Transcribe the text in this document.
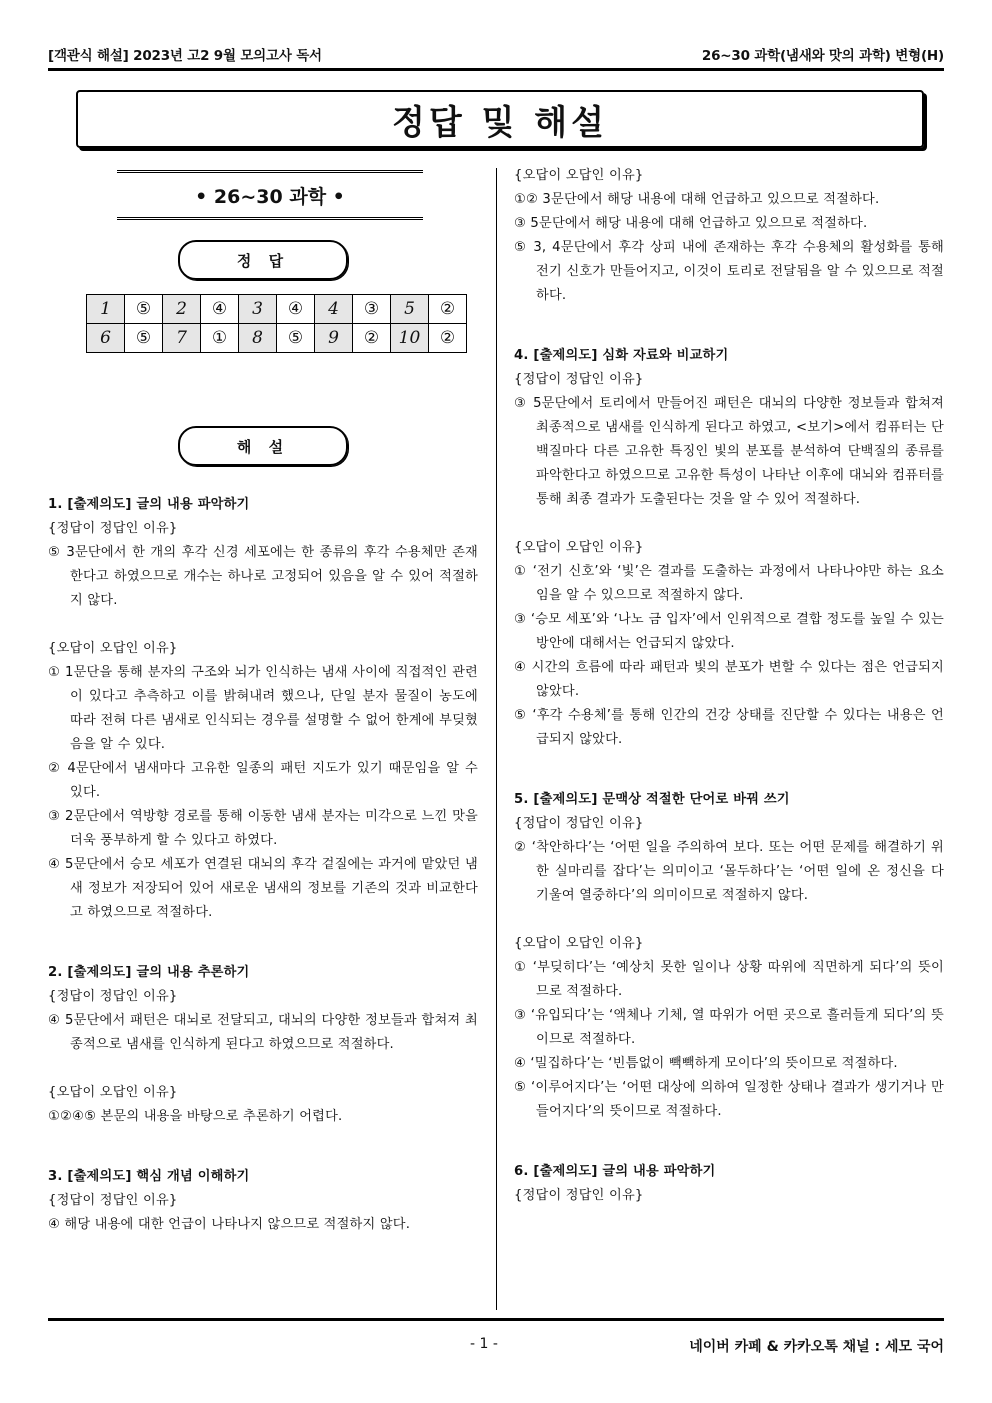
[객관식 해설] 2023년 고2 9월 모의고사 독서	26~30 과학(냄새와 맛의 과학) 변형(H)
정답 및 해설
• 26~30 과학 •
정 답
1	⑤	2	④	3	④	4	③	5	②
6	⑤	7	①	8	⑤	9	②	10	②
해 설
1. [출제의도] 글의 내용 파악하기
{정답이 정답인 이유}
⑤ 3문단에서 한 개의 후각 신경 세포에는 한 종류의 후각 수용체만 존재한다고 하였으므로 개수는 하나로 고정되어 있음을 알 수 있어 적절하지 않다.
{오답이 오답인 이유}
① 1문단을 통해 분자의 구조와 뇌가 인식하는 냄새 사이에 직접적인 관련이 있다고 추측하고 이를 밝혀내려 했으나, 단일 분자 물질이 농도에 따라 전혀 다른 냄새로 인식되는 경우를 설명할 수 없어 한계에 부딪혔음을 알 수 있다.
② 4문단에서 냄새마다 고유한 일종의 패턴 지도가 있기 때문임을 알 수 있다.
③ 2문단에서 역방향 경로를 통해 이동한 냄새 분자는 미각으로 느낀 맛을 더욱 풍부하게 할 수 있다고 하였다.
④ 5문단에서 승모 세포가 연결된 대뇌의 후각 겉질에는 과거에 맡았던 냄새 정보가 저장되어 있어 새로운 냄새의 정보를 기존의 것과 비교한다고 하였으므로 적절하다.
2. [출제의도] 글의 내용 추론하기
{정답이 정답인 이유}
④ 5문단에서 패턴은 대뇌로 전달되고, 대뇌의 다양한 정보들과 합쳐져 최종적으로 냄새를 인식하게 된다고 하였으므로 적절하다.
{오답이 오답인 이유}
①②④⑤ 본문의 내용을 바탕으로 추론하기 어렵다.
3. [출제의도] 핵심 개념 이해하기
{정답이 정답인 이유}
④ 해당 내용에 대한 언급이 나타나지 않으므로 적절하지 않다.
{오답이 오답인 이유}
①② 3문단에서 해당 내용에 대해 언급하고 있으므로 적절하다.
③ 5문단에서 해당 내용에 대해 언급하고 있으므로 적절하다.
⑤ 3, 4문단에서 후각 상피 내에 존재하는 후각 수용체의 활성화를 통해 전기 신호가 만들어지고, 이것이 토리로 전달됨을 알 수 있으므로 적절하다.
4. [출제의도] 심화 자료와 비교하기
{정답이 정답인 이유}
③ 5문단에서 토리에서 만들어진 패턴은 대뇌의 다양한 정보들과 합쳐져 최종적으로 냄새를 인식하게 된다고 하였고, <보기>에서 컴퓨터는 단백질마다 다른 고유한 특징인 빛의 분포를 분석하여 단백질의 종류를 파악한다고 하였으므로 고유한 특성이 나타난 이후에 대뇌와 컴퓨터를 통해 최종 결과가 도출된다는 것을 알 수 있어 적절하다.
{오답이 오답인 이유}
① ‘전기 신호’와 ‘빛’은 결과를 도출하는 과정에서 나타나야만 하는 요소임을 알 수 있으므로 적절하지 않다.
③ ‘승모 세포’와 ‘나노 금 입자’에서 인위적으로 결합 정도를 높일 수 있는 방안에 대해서는 언급되지 않았다.
④ 시간의 흐름에 따라 패턴과 빛의 분포가 변할 수 있다는 점은 언급되지 않았다.
⑤ ‘후각 수용체’를 통해 인간의 건강 상태를 진단할 수 있다는 내용은 언급되지 않았다.
5. [출제의도] 문맥상 적절한 단어로 바꿔 쓰기
{정답이 정답인 이유}
② ‘착안하다’는 ‘어떤 일을 주의하여 보다. 또는 어떤 문제를 해결하기 위한 실마리를 잡다’는 의미이고 ‘몰두하다’는 ‘어떤 일에 온 정신을 다 기울여 열중하다’의 의미이므로 적절하지 않다.
{오답이 오답인 이유}
① ‘부딪히다’는 ‘예상치 못한 일이나 상황 따위에 직면하게 되다’의 뜻이므로 적절하다.
③ ‘유입되다’는 ‘액체나 기체, 열 따위가 어떤 곳으로 흘러들게 되다’의 뜻이므로 적절하다.
④ ‘밀집하다’는 ‘빈틈없이 빽빽하게 모이다’의 뜻이므로 적절하다.
⑤ ‘이루어지다’는 ‘어떤 대상에 의하여 일정한 상태나 결과가 생기거나 만들어지다’의 뜻이므로 적절하다.
6. [출제의도] 글의 내용 파악하기
{정답이 정답인 이유}
- 1 -	네이버 카페 & 카카오톡 채널 : 세모 국어
